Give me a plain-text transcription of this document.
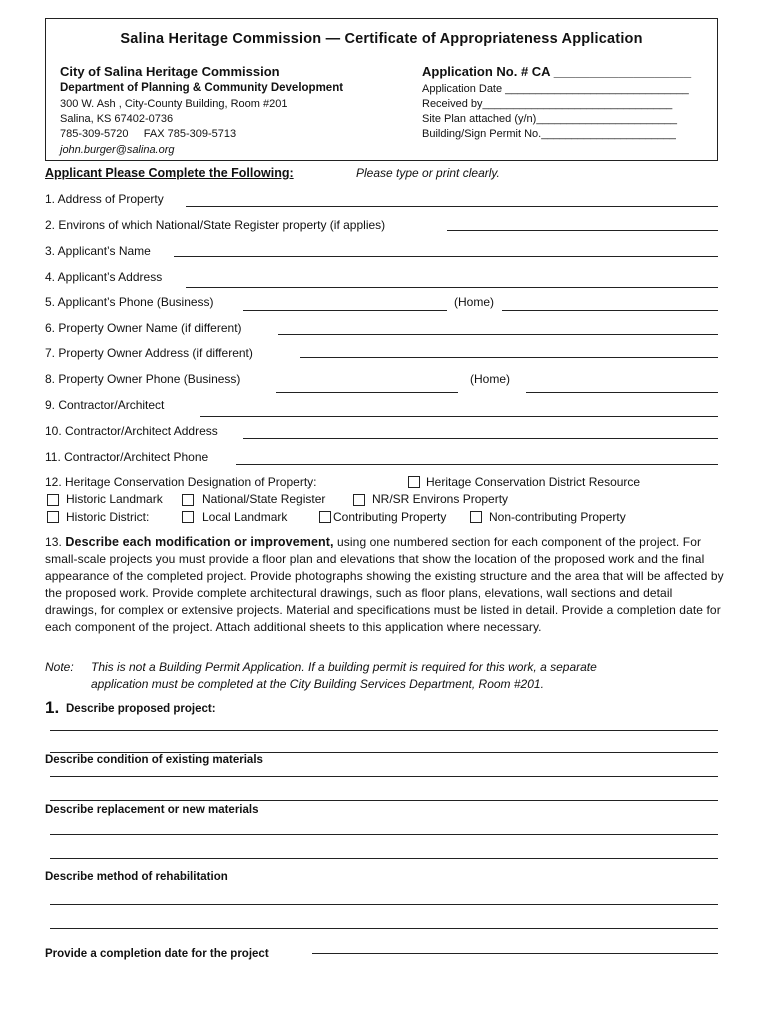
Salina Heritage Commission — Certificate of Appropriateness Application
City of Salina Heritage Commission
Department of Planning & Community Development
300 W. Ash , City-County Building, Room #201
Salina, KS 67402-0736
785-309-5720     FAX 785-309-5713
john.burger@salina.org
Application No. # CA ___________________
Application Date ______________________________
Received by_______________________________
Site Plan attached (y/n)_______________________
Building/Sign Permit No.______________________
Applicant Please Complete the Following:	Please type or print clearly.
1. Address of Property
2. Environs of which National/State Register property (if applies)
3. Applicant’s Name
4. Applicant’s Address
5. Applicant’s Phone (Business)	(Home)
6. Property Owner Name (if different)
7. Property Owner Address (if different)
8. Property Owner Phone (Business)	(Home)
9. Contractor/Architect
10. Contractor/Architect Address
11. Contractor/Architect Phone
12. Heritage Conservation Designation of Property:	Heritage Conservation District Resource
Historic Landmark	National/State Register	NR/SR Environs Property
Historic District:	Local Landmark	Contributing Property	Non-contributing Property
13. Describe each modification or improvement, using one numbered section for each component of the project. For small-scale projects you must provide a floor plan and elevations that show the location of the proposed work and the final appearance of the completed project. Provide photographs showing the existing structure and the area that will be affected by the proposed work. Provide complete architectural drawings, such as floor plans, elevations, wall sections and detail drawings, for complex or extensive projects. Material and specifications must be listed in detail. Provide a completion date for each component of the project. Attach additional sheets to this application where necessary.
Note: This is not a Building Permit Application. If a building permit is required for this work, a separate
application must be completed at the City Building Services Department, Room #201.
1. Describe proposed project:
Describe condition of existing materials
Describe replacement or new materials
Describe method of rehabilitation
Provide a completion date for the project
